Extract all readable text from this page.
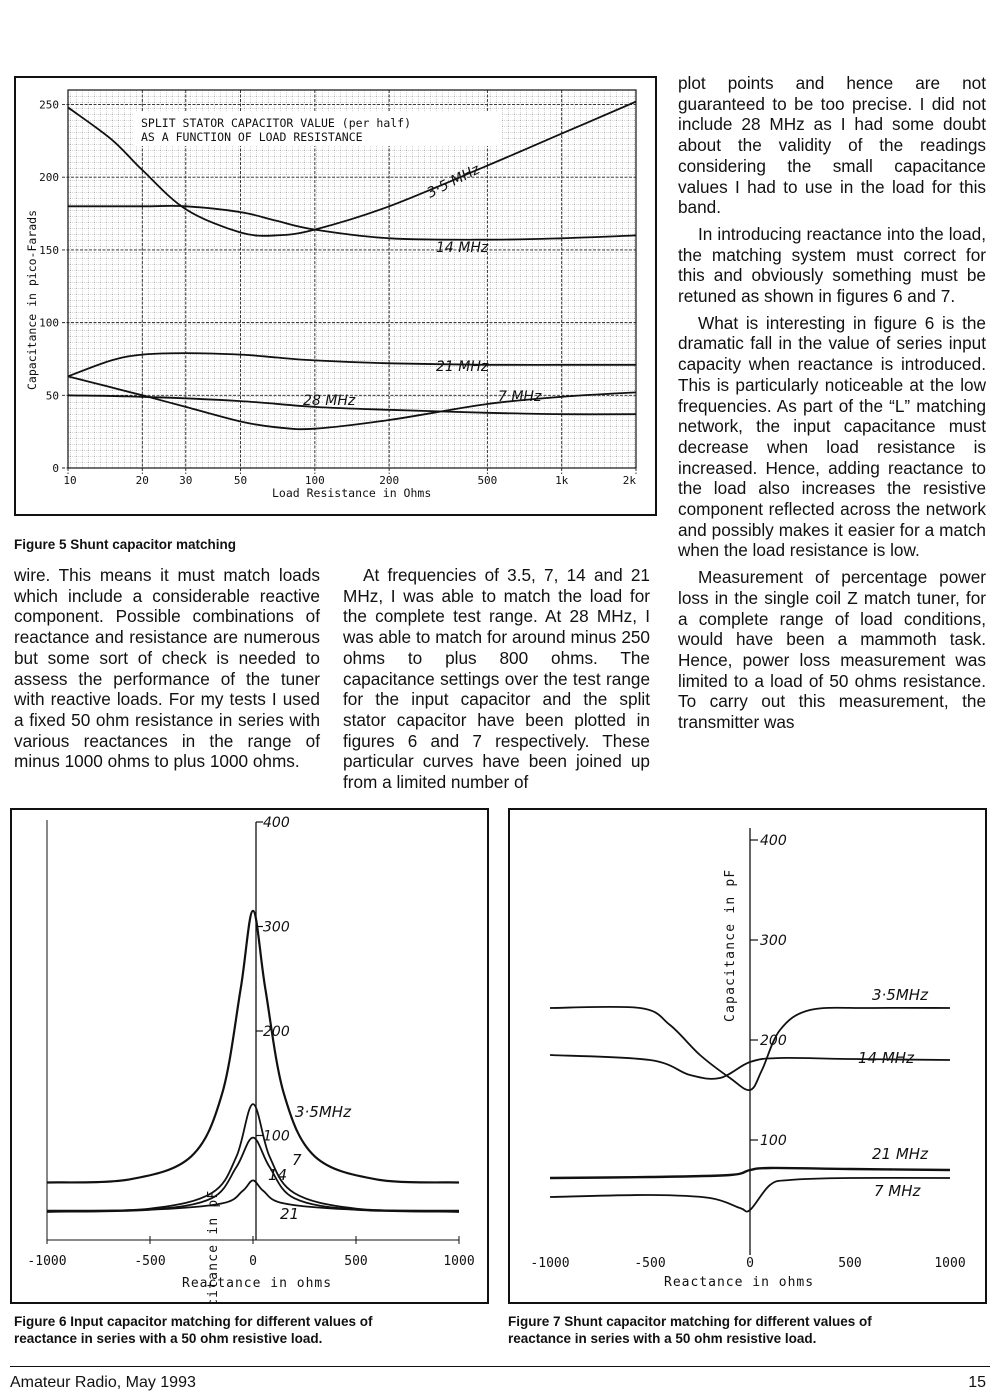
SPLIT STATOR CAPACITOR VALUE (per half)
AS A FUNCTION OF LOAD RESISTANCE
0
50
100
150
200
250
10	20	30	50	100	200	500	1k	2k
Capacitance in pico-Farads
Load Resistance in Ohms
3·5 MHz
14 MHz
21 MHz
28 MHz	7 MHz
Figure 5 Shunt capacitor matching

plot points and hence are not guaranteed to be too precise. I did not include 28 MHz as I had some doubt about the validity of the readings considering the small capacitance values I had to use in the load for this band.

In introducing reactance into the load, the matching system must correct for this and obviously something must be retuned as shown in figures 6 and 7.

What is interesting in figure 6 is the dramatic fall in the value of series input capacity when reactance is introduced. This is particularly noticeable at the low frequencies. As part of the “L” matching network, the input capacitance must decrease when load resistance is increased. Hence, adding reactance to the load also increases the resistive component reflected across the network and possibly makes it easier for a match when the load resistance is low.

Measurement of percentage power loss in the single coil Z match tuner, for a complete range of load conditions, would have been a mammoth task. Hence, power loss measurement was limited to a load of 50 ohms resistance. To carry out this measurement, the transmitter was

wire. This means it must match loads which include a considerable reactive component. Possible combinations of reactance and resistance are numerous but some sort of check is needed to assess the performance of the tuner with reactive loads. For my tests I used a fixed 50 ohm resistance in series with various reactances in the range of minus 1000 ohms to plus 1000 ohms.

At frequencies of 3.5, 7, 14 and 21 MHz, I was able to match the load for the complete test range. At 28 MHz, I was able to match for around minus 250 ohms to plus 800 ohms. The capacitance settings over the test range for the input capacitor and the split stator capacitor have been plotted in figures 6 and 7 respectively. These particular curves have been joined up from a limited number of

400
300
200
100
-1000	-500	0	500	1000
Capacitance in pF
Reactance in ohms
3·5MHz
7
14
21
Figure 6 Input capacitor matching for different values of
reactance in series with a 50 ohm resistive load.
400
300
200
100
-1000	-500	0	500	1000
Capacitance in pF
Reactance in ohms
3·5MHz
14 MHz
21 MHz
7 MHz
Figure 7 Shunt capacitor matching for different values of
reactance in series with a 50 ohm resistive load.
Amateur Radio, May 1993	15
